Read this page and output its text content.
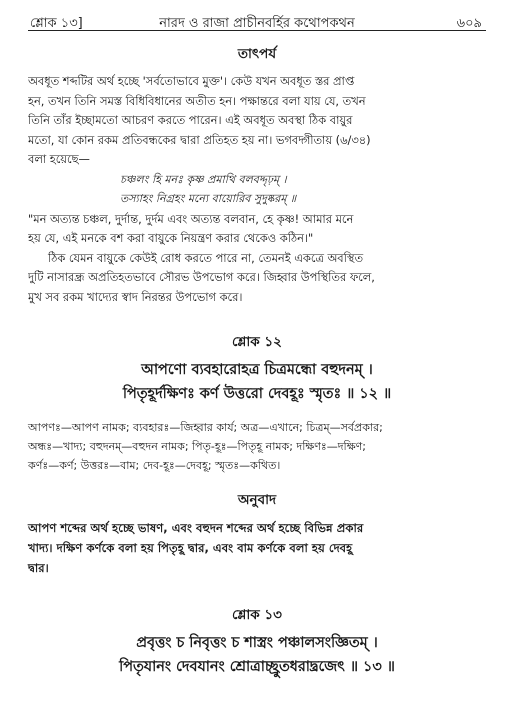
শ্লোক ১৩]	নারদ ও রাজা প্রাচীনবর্হির কথোপকথন	৬০৯
তাৎপর্য
অবধূত শব্দটির অর্থ হচ্ছে 'সর্বতোভাবে মুক্ত'। কেউ যখন অবধূত স্তর প্রাপ্ত
হন, তখন তিনি সমস্ত বিধিবিধানের অতীত হন। পক্ষান্তরে বলা যায় যে, তখন
তিনি তাঁর ইচ্ছামতো আচরণ করতে পারেন। এই অবধূত অবস্থা ঠিক বায়ুর
মতো, যা কোন রকম প্রতিবন্ধকের দ্বারা প্রতিহত হয় না। ভগবদ্গীতায় (৬/৩৪)
বলা হয়েছে—
চঞ্চলং হি মনঃ কৃষ্ণ প্রমাথি বলবদ্দৃঢ়ম্ ।
তস্যাহং নিগ্রহং মন্যে বায়োরিব সুদুষ্করম্ ॥
"মন অত্যন্ত চঞ্চল, দুর্দান্ত, দুর্দম এবং অত্যন্ত বলবান, হে কৃষ্ণ! আমার মনে
হয় যে, এই মনকে বশ করা বায়ুকে নিয়ন্ত্রণ করার থেকেও কঠিন।"
ঠিক যেমন বায়ুকে কেউই রোধ করতে পারে না, তেমনই একত্রে অবস্থিত
দুটি নাসারন্ধ্র অপ্রতিহতভাবে সৌরভ উপভোগ করে। জিহ্বার উপস্থিতির ফলে,
মুখ সব রকম খাদ্যের স্বাদ নিরন্তর উপভোগ করে।
শ্লোক ১২
আপণো ব্যবহারোহত্র চিত্রমন্ধো বহুদনম্ ।
পিতৃহূর্দক্ষিণঃ কর্ণ উত্তরো দেবহূঃ স্মৃতঃ ॥ ১২ ॥
আপণঃ—আপণ নামক; ব্যবহারঃ—জিহ্বার কার্য; অত্র—এখানে; চিত্রম্—সর্বপ্রকার;
অন্ধঃ—খাদ্য; বহুদনম্—বহুদন নামক; পিতৃ-হূঃ—পিতৃহূ নামক; দক্ষিণঃ—দক্ষিণ;
কর্ণঃ—কর্ণ; উত্তরঃ—বাম; দেব-হূঃ—দেবহূ; স্মৃতঃ—কথিত।
অনুবাদ
আপণ শব্দের অর্থ হচ্ছে ভাষণ, এবং বহুদন শব্দের অর্থ হচ্ছে বিভিন্ন প্রকার
খাদ্য। দক্ষিণ কর্ণকে বলা হয় পিতৃহূ দ্বার, এবং বাম কর্ণকে বলা হয় দেবহূ
দ্বার।
শ্লোক ১৩
প্রবৃত্তং চ নিবৃত্তং চ শাস্ত্রং পঞ্চালসংজ্ঞিতম্ ।
পিতৃযানং দেবযানং শ্রোত্রাচ্ছ্রুতধরাদ্ব্রজেৎ ॥ ১৩ ॥
